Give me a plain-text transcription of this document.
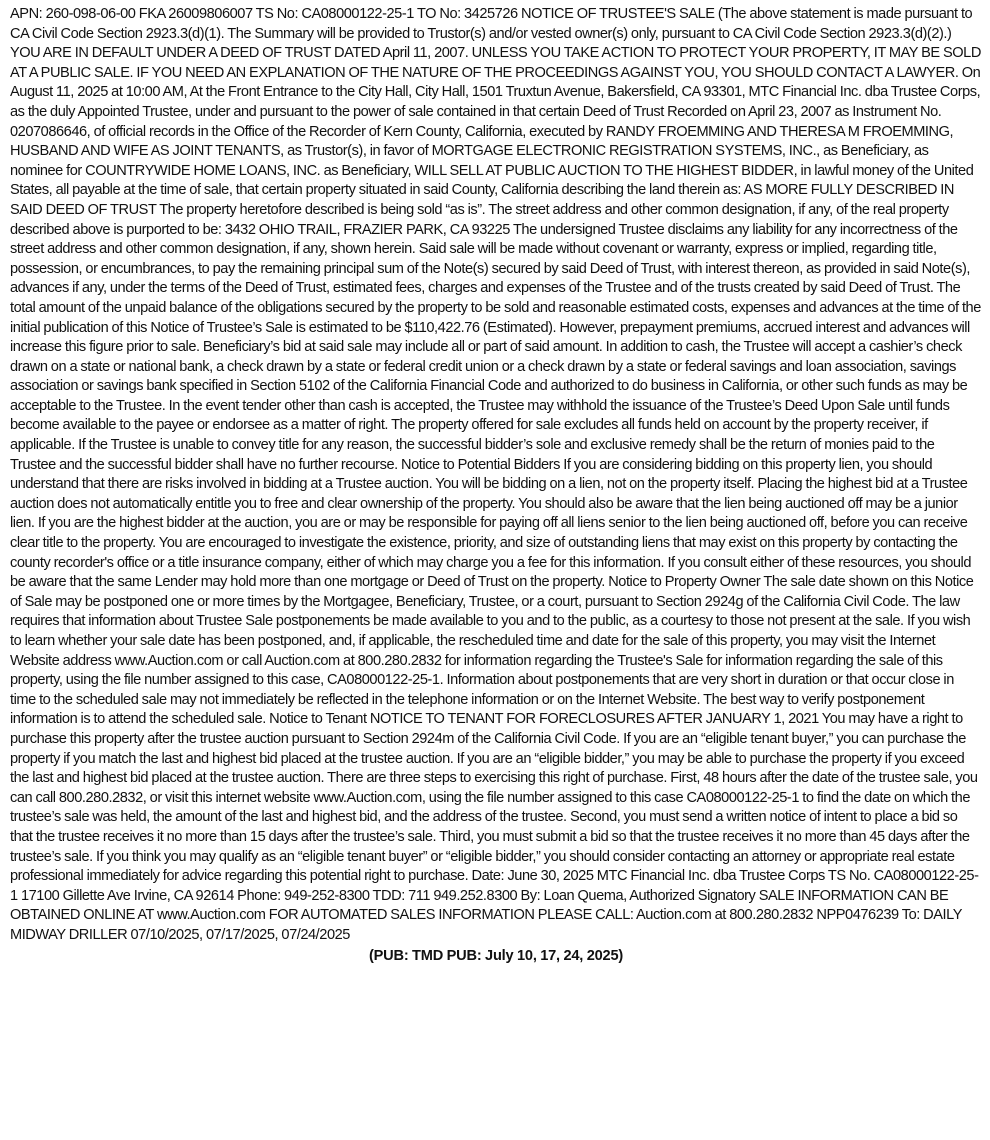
APN: 260-098-06-00 FKA 26009806007 TS No: CA08000122-25-1 TO No: 3425726 NOTICE OF TRUSTEE'S SALE (The above statement is made pursuant to CA Civil Code Section 2923.3(d)(1). The Summary will be provided to Trustor(s) and/or vested owner(s) only, pursuant to CA Civil Code Section 2923.3(d)(2).) YOU ARE IN DEFAULT UNDER A DEED OF TRUST DATED April 11, 2007. UNLESS YOU TAKE ACTION TO PROTECT YOUR PROPERTY, IT MAY BE SOLD AT A PUBLIC SALE. IF YOU NEED AN EXPLANATION OF THE NATURE OF THE PROCEEDINGS AGAINST YOU, YOU SHOULD CONTACT A LAWYER. On August 11, 2025 at 10:00 AM, At the Front Entrance to the City Hall, City Hall, 1501 Truxtun Avenue, Bakersfield, CA 93301, MTC Financial Inc. dba Trustee Corps, as the duly Appointed Trustee, under and pursuant to the power of sale contained in that certain Deed of Trust Recorded on April 23, 2007 as Instrument No. 0207086646, of official records in the Office of the Recorder of Kern County, California, executed by RANDY FROEMMING AND THERESA M FROEMMING, HUSBAND AND WIFE AS JOINT TENANTS, as Trustor(s), in favor of MORTGAGE ELECTRONIC REGISTRATION SYSTEMS, INC., as Beneficiary, as nominee for COUNTRYWIDE HOME LOANS, INC. as Beneficiary, WILL SELL AT PUBLIC AUCTION TO THE HIGHEST BIDDER, in lawful money of the United States, all payable at the time of sale, that certain property situated in said County, California describing the land therein as: AS MORE FULLY DESCRIBED IN SAID DEED OF TRUST The property heretofore described is being sold “as is”. The street address and other common designation, if any, of the real property described above is purported to be: 3432 OHIO TRAIL, FRAZIER PARK, CA 93225 The undersigned Trustee disclaims any liability for any incorrectness of the street address and other common designation, if any, shown herein. Said sale will be made without covenant or warranty, express or implied, regarding title, possession, or encumbrances, to pay the remaining principal sum of the Note(s) secured by said Deed of Trust, with interest thereon, as provided in said Note(s), advances if any, under the terms of the Deed of Trust, estimated fees, charges and expenses of the Trustee and of the trusts created by said Deed of Trust. The total amount of the unpaid balance of the obligations secured by the property to be sold and reasonable estimated costs, expenses and advances at the time of the initial publication of this Notice of Trustee’s Sale is estimated to be $110,422.76 (Estimated). However, prepayment premiums, accrued interest and advances will increase this figure prior to sale. Beneficiary’s bid at said sale may include all or part of said amount. In addition to cash, the Trustee will accept a cashier’s check drawn on a state or national bank, a check drawn by a state or federal credit union or a check drawn by a state or federal savings and loan association, savings association or savings bank specified in Section 5102 of the California Financial Code and authorized to do business in California, or other such funds as may be acceptable to the Trustee. In the event tender other than cash is accepted, the Trustee may withhold the issuance of the Trustee’s Deed Upon Sale until funds become available to the payee or endorsee as a matter of right. The property offered for sale excludes all funds held on account by the property receiver, if applicable. If the Trustee is unable to convey title for any reason, the successful bidder’s sole and exclusive remedy shall be the return of monies paid to the Trustee and the successful bidder shall have no further recourse. Notice to Potential Bidders If you are considering bidding on this property lien, you should understand that there are risks involved in bidding at a Trustee auction. You will be bidding on a lien, not on the property itself. Placing the highest bid at a Trustee auction does not automatically entitle you to free and clear ownership of the property. You should also be aware that the lien being auctioned off may be a junior lien. If you are the highest bidder at the auction, you are or may be responsible for paying off all liens senior to the lien being auctioned off, before you can receive clear title to the property. You are encouraged to investigate the existence, priority, and size of outstanding liens that may exist on this property by contacting the county recorder's office or a title insurance company, either of which may charge you a fee for this information. If you consult either of these resources, you should be aware that the same Lender may hold more than one mortgage or Deed of Trust on the property. Notice to Property Owner The sale date shown on this Notice of Sale may be postponed one or more times by the Mortgagee, Beneficiary, Trustee, or a court, pursuant to Section 2924g of the California Civil Code. The law requires that information about Trustee Sale postponements be made available to you and to the public, as a courtesy to those not present at the sale. If you wish to learn whether your sale date has been postponed, and, if applicable, the rescheduled time and date for the sale of this property, you may visit the Internet Website address www.Auction.com or call Auction.com at 800.280.2832 for information regarding the Trustee's Sale for information regarding the sale of this property, using the file number assigned to this case, CA08000122-25-1. Information about postponements that are very short in duration or that occur close in time to the scheduled sale may not immediately be reflected in the telephone information or on the Internet Website. The best way to verify postponement information is to attend the scheduled sale. Notice to Tenant NOTICE TO TENANT FOR FORECLOSURES AFTER JANUARY 1, 2021 You may have a right to purchase this property after the trustee auction pursuant to Section 2924m of the California Civil Code. If you are an “eligible tenant buyer,” you can purchase the property if you match the last and highest bid placed at the trustee auction. If you are an “eligible bidder,” you may be able to purchase the property if you exceed the last and highest bid placed at the trustee auction. There are three steps to exercising this right of purchase. First, 48 hours after the date of the trustee sale, you can call 800.280.2832, or visit this internet website www.Auction.com, using the file number assigned to this case CA08000122-25-1 to find the date on which the trustee’s sale was held, the amount of the last and highest bid, and the address of the trustee. Second, you must send a written notice of intent to place a bid so that the trustee receives it no more than 15 days after the trustee’s sale. Third, you must submit a bid so that the trustee receives it no more than 45 days after the trustee’s sale. If you think you may qualify as an “eligible tenant buyer” or “eligible bidder,” you should consider contacting an attorney or appropriate real estate professional immediately for advice regarding this potential right to purchase. Date: June 30, 2025 MTC Financial Inc. dba Trustee Corps TS No. CA08000122-25-1 17100 Gillette Ave Irvine, CA 92614 Phone: 949-252-8300 TDD: 711 949.252.8300 By: Loan Quema, Authorized Signatory SALE INFORMATION CAN BE OBTAINED ONLINE AT www.Auction.com FOR AUTOMATED SALES INFORMATION PLEASE CALL: Auction.com at 800.280.2832 NPP0476239 To: DAILY MIDWAY DRILLER 07/10/2025, 07/17/2025, 07/24/2025

(PUB: TMD PUB: July 10, 17, 24, 2025)
